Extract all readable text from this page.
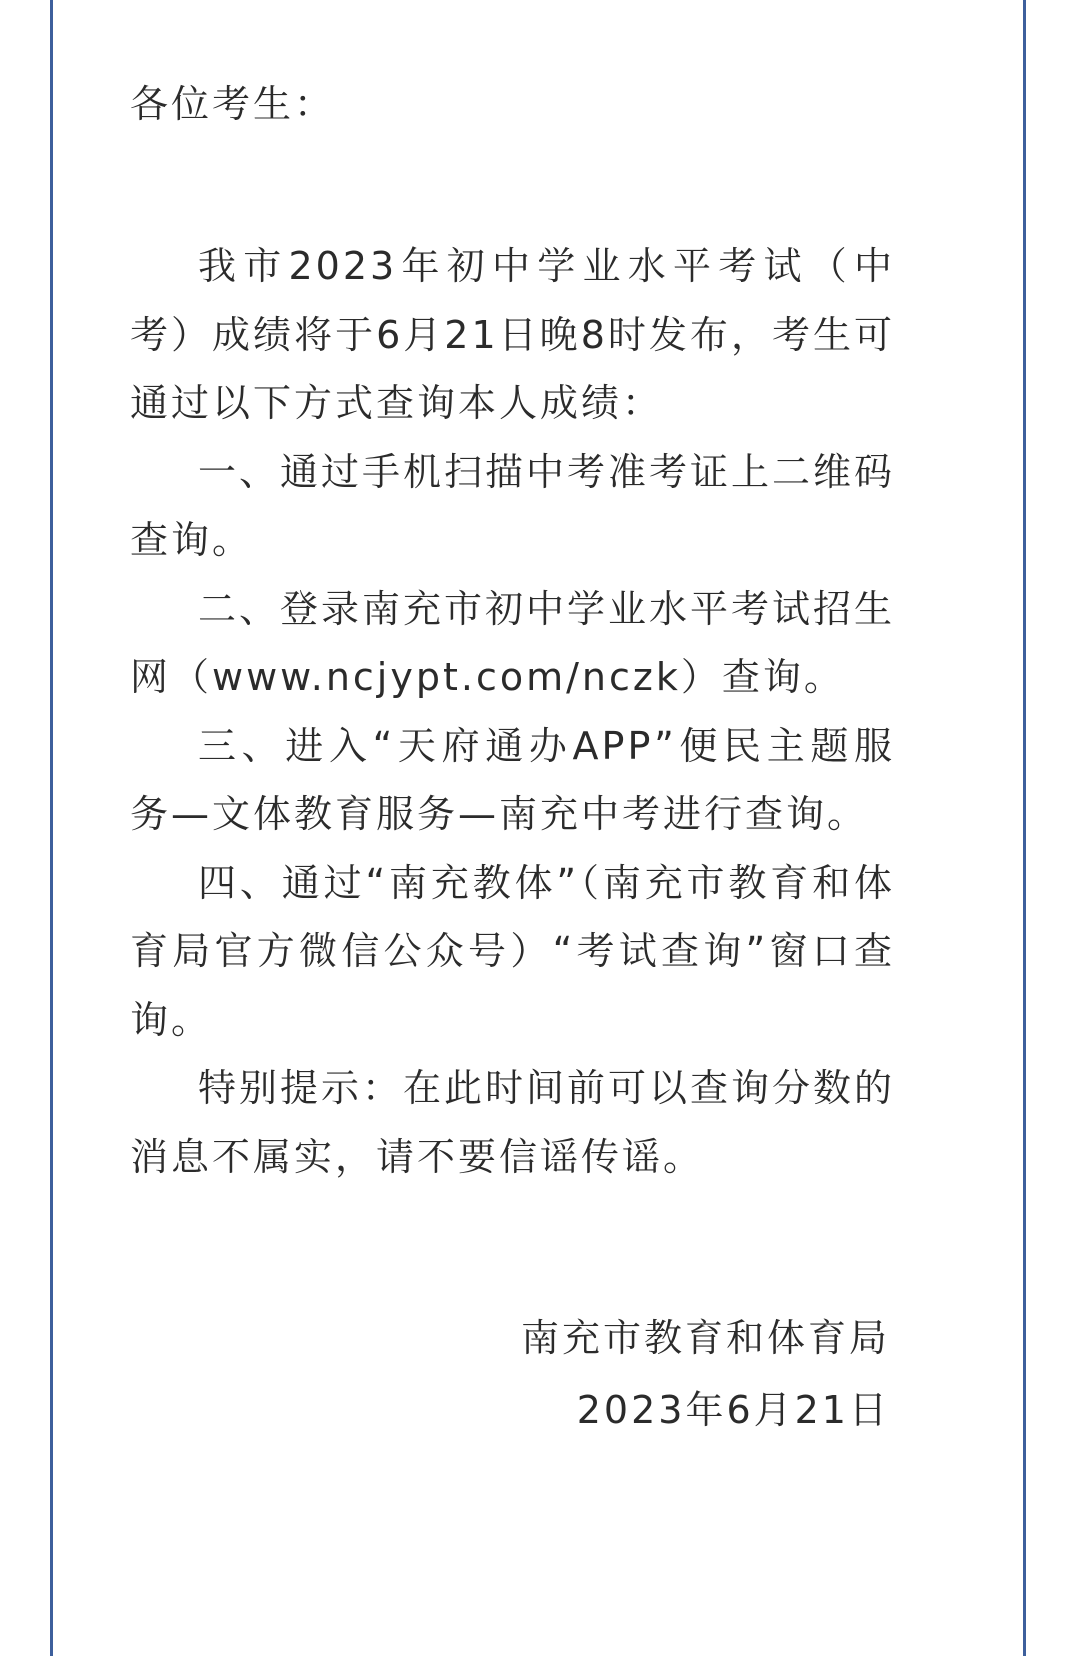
各位考生：

我市2023年初中学业水平考试（中考）成绩将于6月21日晚8时发布，考生可通过以下方式查询本人成绩：

一、通过手机扫描中考准考证上二维码查询。

二、登录南充市初中学业水平考试招生网（www.ncjypt.com/nczk）查询。

三、进入“天府通办APP”便民主题服务—文体教育服务—南充中考进行查询。

四、通过“南充教体”（南充市教育和体育局官方微信公众号）“考试查询”窗口查询。

特别提示：在此时间前可以查询分数的消息不属实，请不要信谣传谣。

南充市教育和体育局

2023年6月21日
